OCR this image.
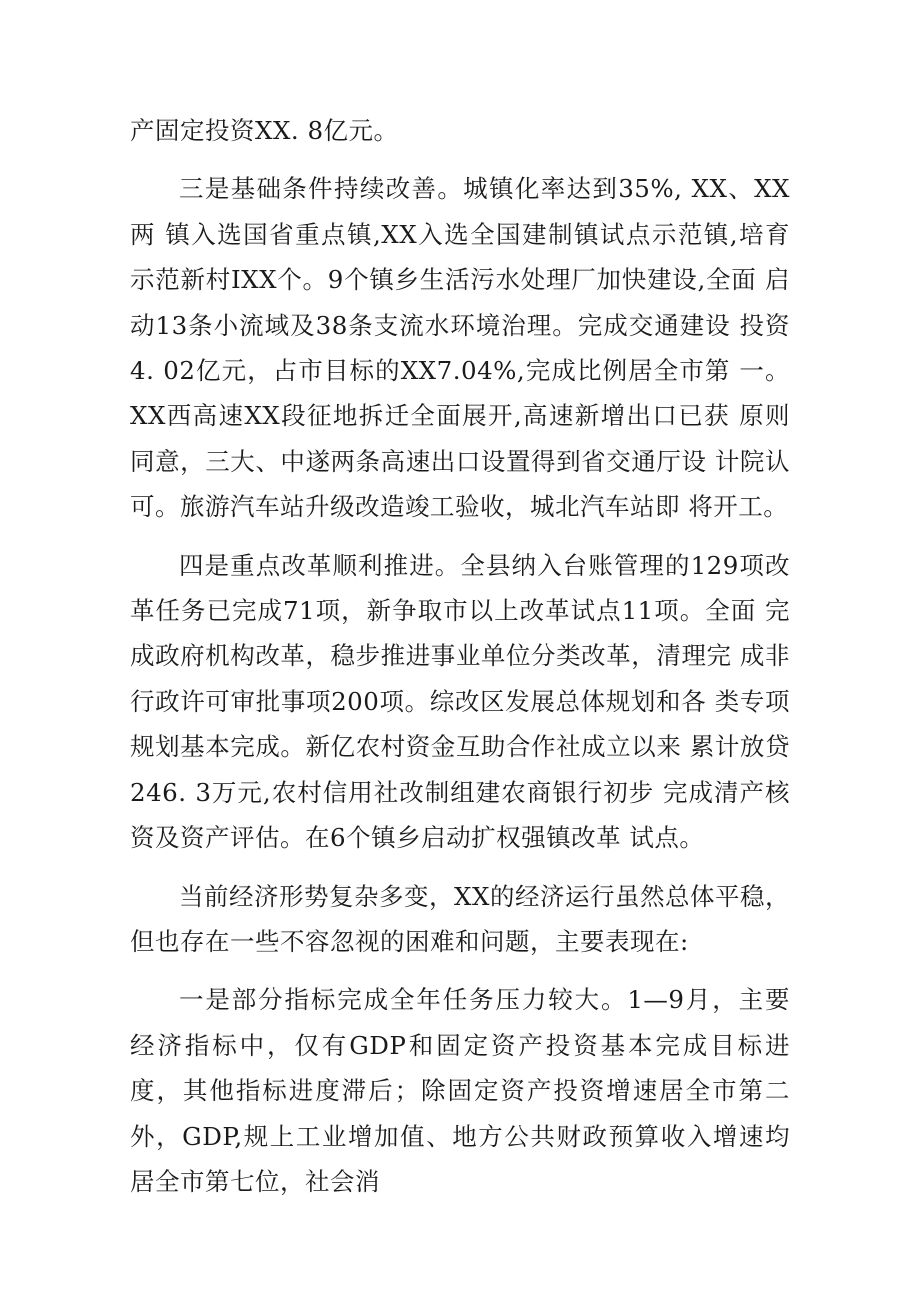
产固定投资XX. 8亿元。

三是基础条件持续改善。城镇化率达到35%, XX、XX两 镇入选国省重点镇,XX入选全国建制镇试点示范镇,培育 示范新村IXX个。9个镇乡生活污水处理厂加快建设,全面 启动13条小流域及38条支流水环境治理。完成交通建设 投资4. 02亿元，占市目标的XX7.04%,完成比例居全市第 一。XX西高速XX段征地拆迁全面展开,高速新增出口已获 原则同意，三大、中遂两条高速出口设置得到省交通厅设 计院认可。旅游汽车站升级改造竣工验收，城北汽车站即 将开工。

四是重点改革顺利推进。全县纳入台账管理的129项改 革任务已完成71项，新争取市以上改革试点11项。全面 完成政府机构改革，稳步推进事业单位分类改革，清理完 成非行政许可审批事项200项。综改区发展总体规划和各 类专项规划基本完成。新亿农村资金互助合作社成立以来 累计放贷246. 3万元,农村信用社改制组建农商银行初步 完成清产核资及资产评估。在6个镇乡启动扩权强镇改革 试点。

当前经济形势复杂多变，XX的经济运行虽然总体平稳， 但也存在一些不容忽视的困难和问题，主要表现在:

一是部分指标完成全年任务压力较大。1—9月，主要 经济指标中，仅有GDP和固定资产投资基本完成目标进 度，其他指标进度滞后；除固定资产投资增速居全市第二 外，GDP,规上工业增加值、地方公共财政预算收入增速均 居全市第七位，社会消
